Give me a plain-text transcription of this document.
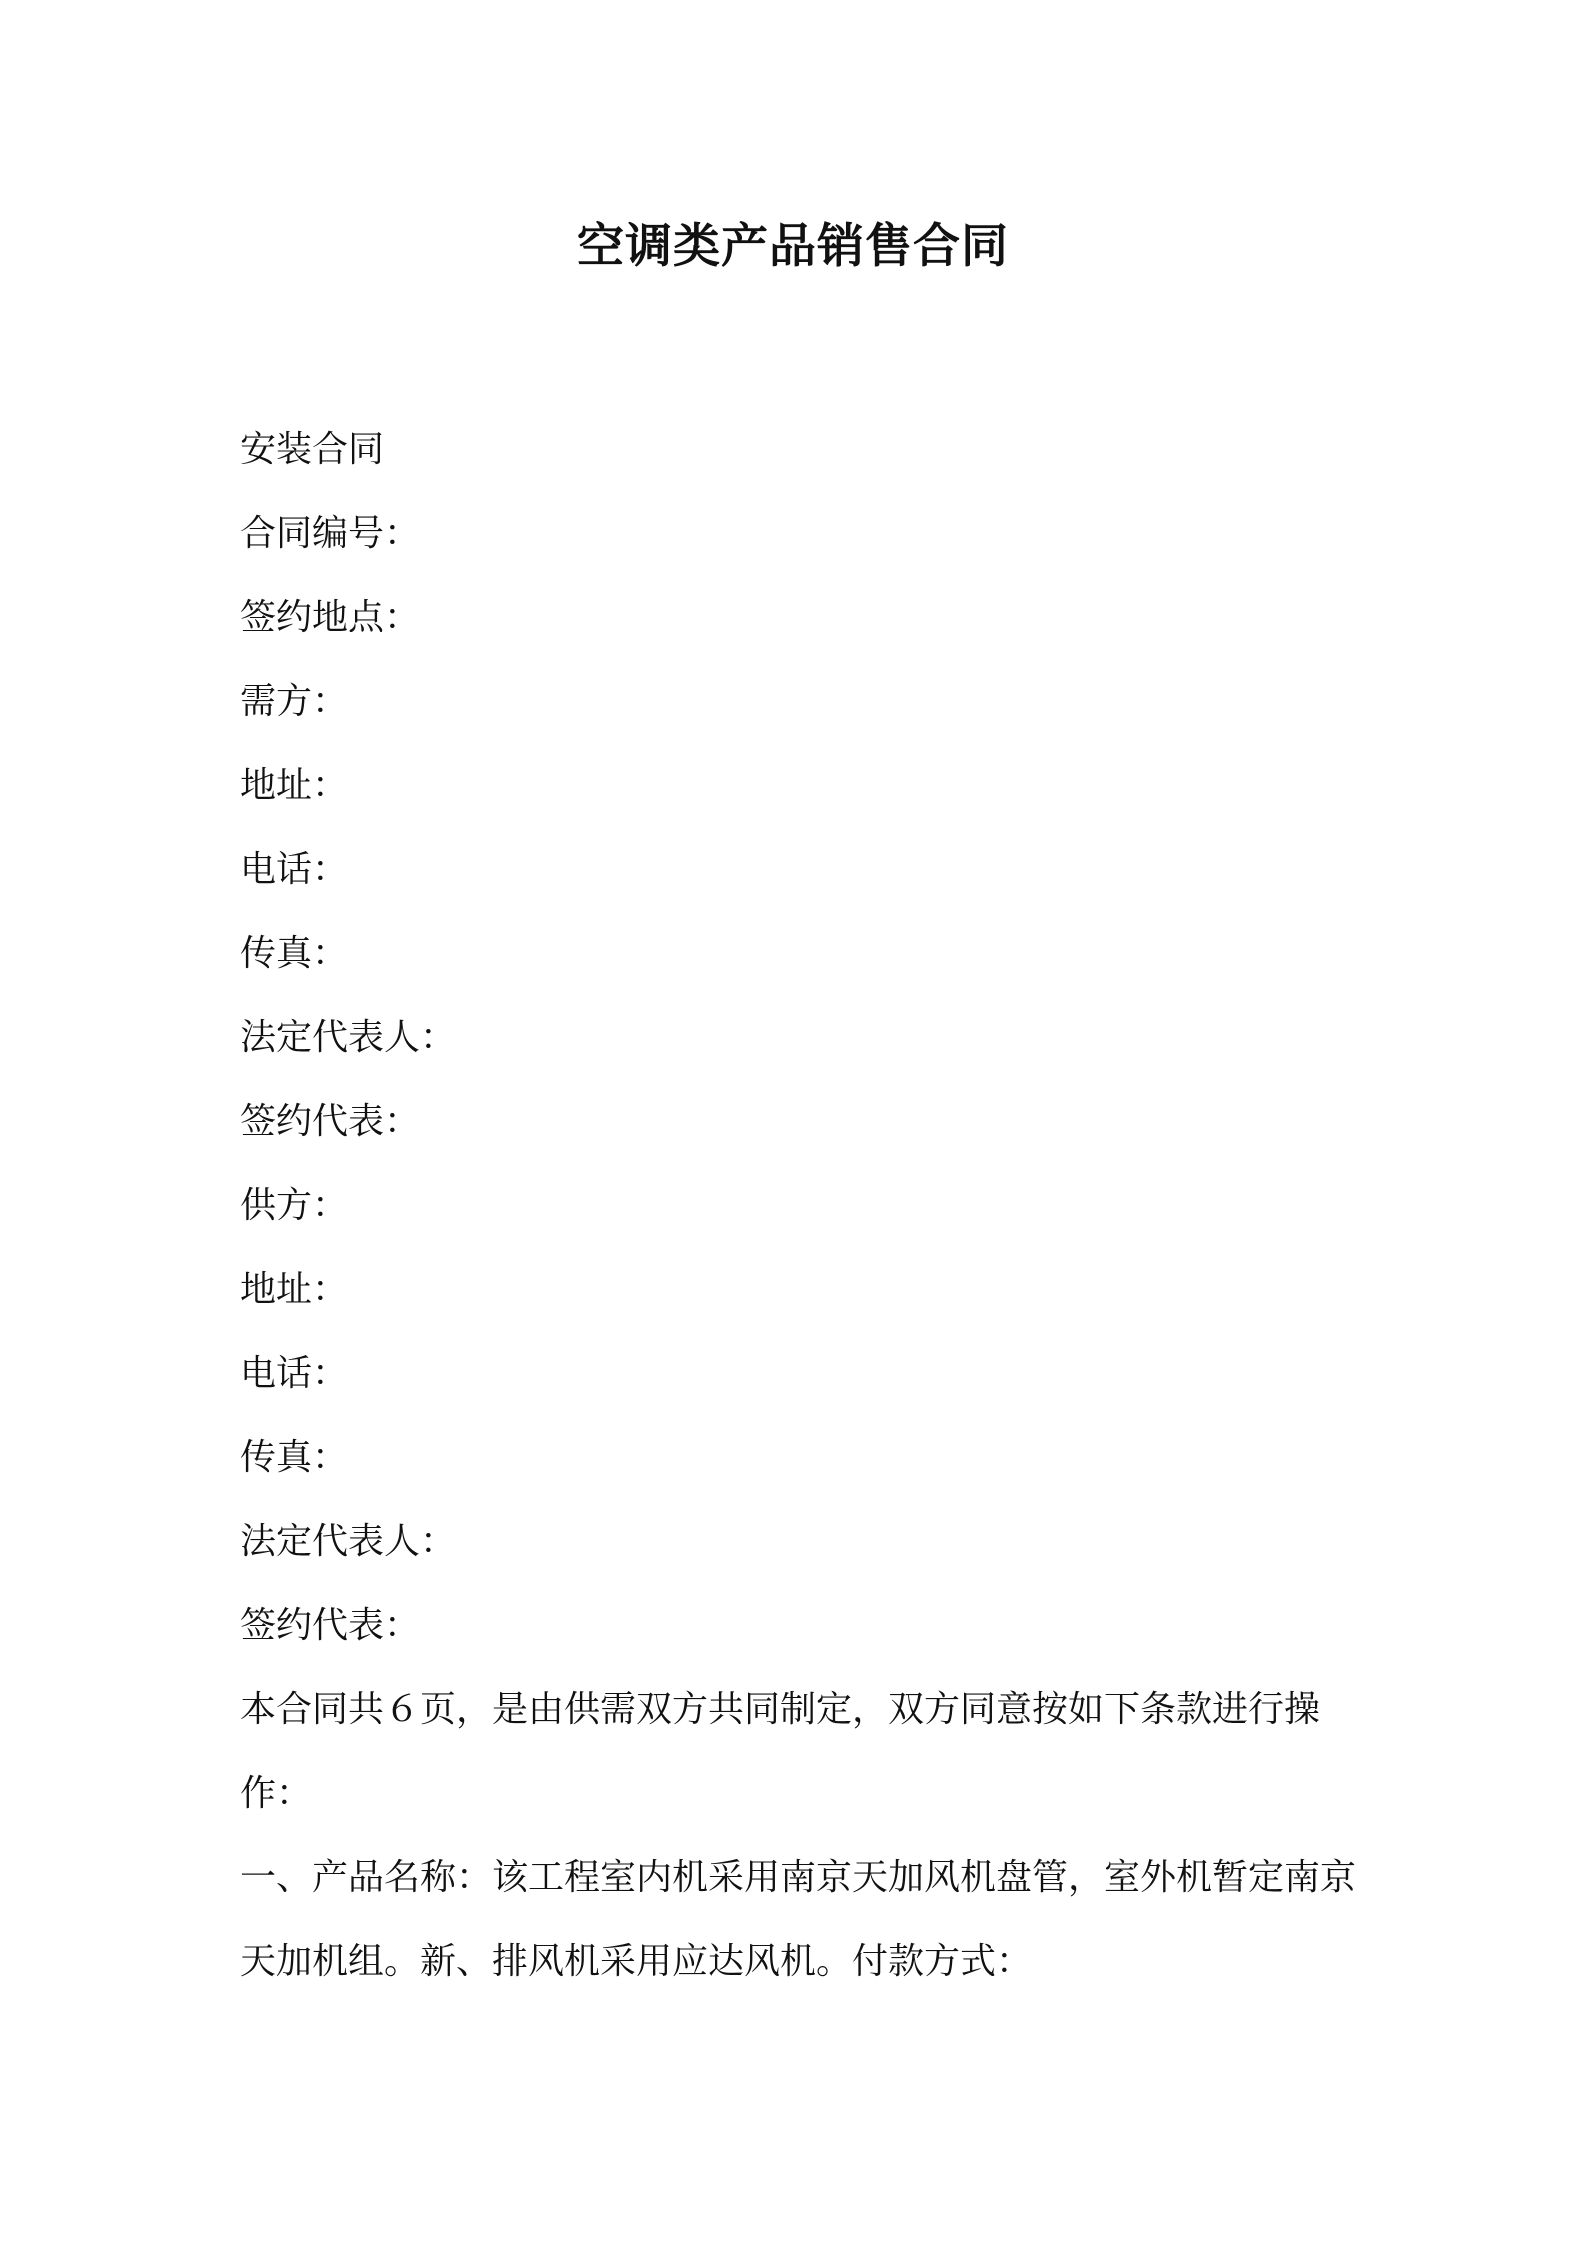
空调类产品销售合同
安装合同
合同编号：
签约地点：
需方：
地址：
电话：
传真：
法定代表人：
签约代表：
供方：
地址：
电话：
传真：
法定代表人：
签约代表：
本合同共６页，是由供需双方共同制定，双方同意按如下条款进行操作：
一、产品名称：该工程室内机采用南京天加风机盘管，室外机暂定南京天加机组。新、排风机采用应达风机。付款方式：
